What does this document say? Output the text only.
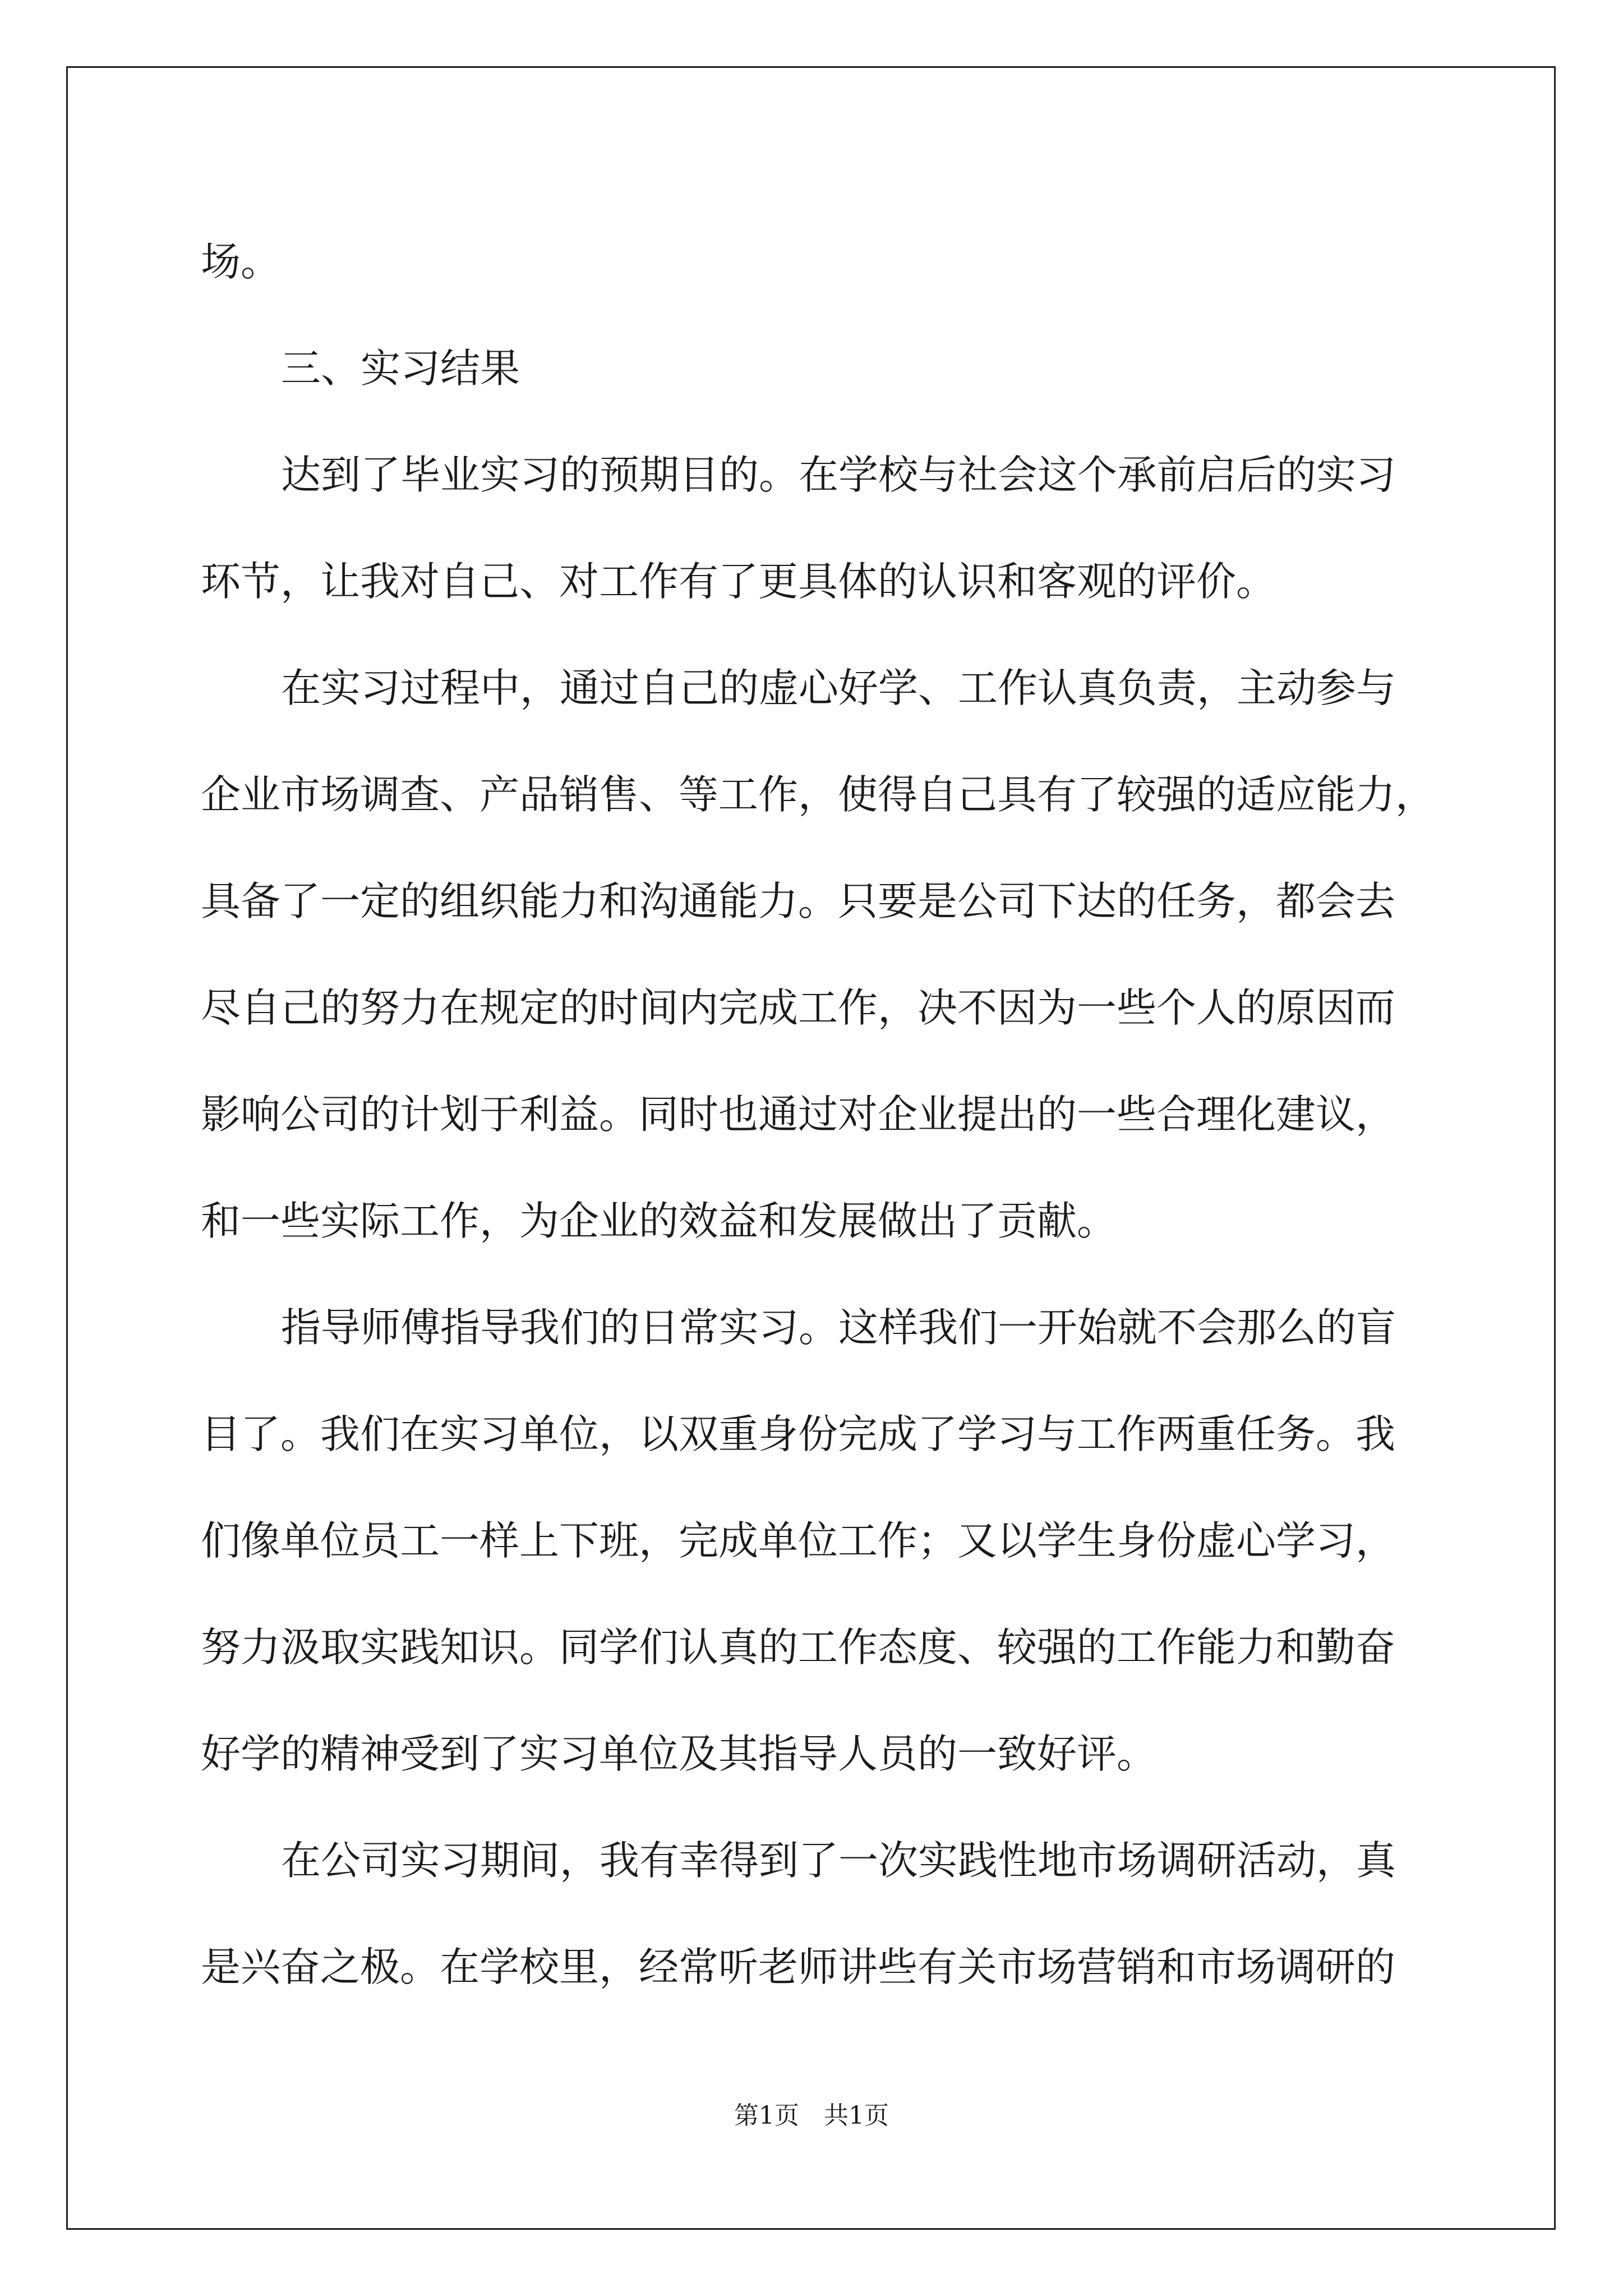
场。

三、实习结果

达到了毕业实习的预期目的。在学校与社会这个承前启后的实习

环节，让我对自己、对工作有了更具体的认识和客观的评价。

在实习过程中，通过自己的虚心好学、工作认真负责，主动参与

企业市场调查、产品销售、等工作，使得自己具有了较强的适应能力，

具备了一定的组织能力和沟通能力。只要是公司下达的任务，都会去

尽自己的努力在规定的时间内完成工作，决不因为一些个人的原因而

影响公司的计划于利益。同时也通过对企业提出的一些合理化建议，

和一些实际工作，为企业的效益和发展做出了贡献。

指导师傅指导我们的日常实习。这样我们一开始就不会那么的盲

目了。我们在实习单位，以双重身份完成了学习与工作两重任务。我

们像单位员工一样上下班，完成单位工作；又以学生身份虚心学习，

努力汲取实践知识。同学们认真的工作态度、较强的工作能力和勤奋

好学的精神受到了实习单位及其指导人员的一致好评。

在公司实习期间，我有幸得到了一次实践性地市场调研活动，真

是兴奋之极。在学校里，经常听老师讲些有关市场营销和市场调研的

第1页 共1页
